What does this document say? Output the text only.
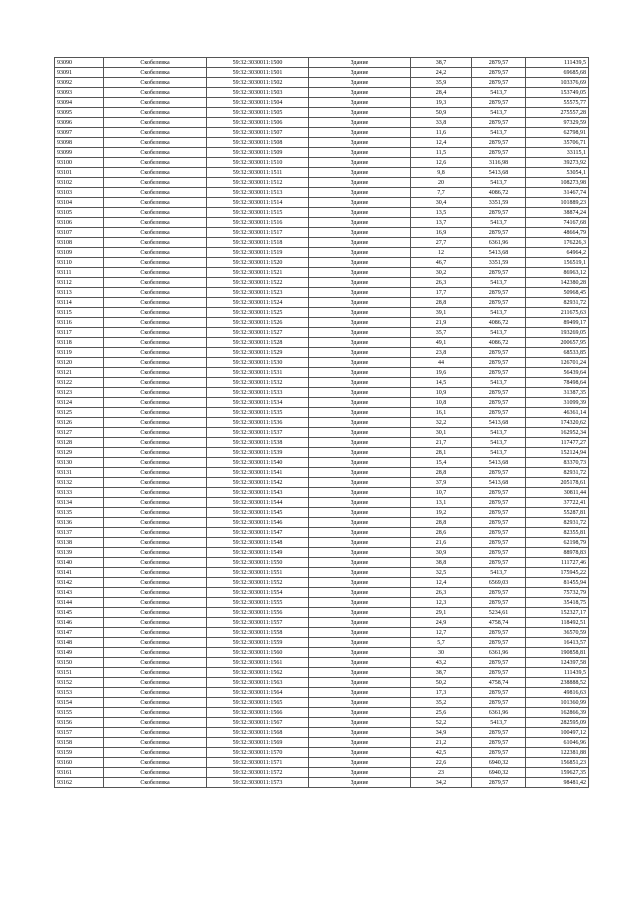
93090	Скобелевка	59:32:3030011:1500	Здание	38,7	2879,57	111439,5
93091	Скобелевка	59:32:3030011:1501	Здание	24,2	2879,57	69685,68
93092	Скобелевка	59:32:3030011:1502	Здание	35,9	2879,57	103376,69
93093	Скобелевка	59:32:3030011:1503	Здание	28,4	5413,7	153749,05
93094	Скобелевка	59:32:3030011:1504	Здание	19,3	2879,57	55575,77
93095	Скобелевка	59:32:3030011:1505	Здание	50,9	5413,7	275557,28
93096	Скобелевка	59:32:3030011:1506	Здание	33,8	2879,57	97329,59
93097	Скобелевка	59:32:3030011:1507	Здание	11,6	5413,7	62798,91
93098	Скобелевка	59:32:3030011:1508	Здание	12,4	2879,57	35706,71
93099	Скобелевка	59:32:3030011:1509	Здание	11,5	2879,57	33115,1
93100	Скобелевка	59:32:3030011:1510	Здание	12,6	3116,98	39273,92
93101	Скобелевка	59:32:3030011:1511	Здание	9,8	5413,68	53054,1
93102	Скобелевка	59:32:3030011:1512	Здание	20	5413,7	108273,98
93103	Скобелевка	59:32:3030011:1513	Здание	7,7	4086,72	31467,74
93104	Скобелевка	59:32:3030011:1514	Здание	30,4	3351,59	101889,23
93105	Скобелевка	59:32:3030011:1515	Здание	13,5	2879,57	38874,24
93106	Скобелевка	59:32:3030011:1516	Здание	13,7	5413,7	74167,68
93107	Скобелевка	59:32:3030011:1517	Здание	16,9	2879,57	48664,79
93108	Скобелевка	59:32:3030011:1518	Здание	27,7	6361,96	176226,3
93109	Скобелевка	59:32:3030011:1519	Здание	12	5413,68	64964,2
93110	Скобелевка	59:32:3030011:1520	Здание	46,7	3351,59	156519,1
93111	Скобелевка	59:32:3030011:1521	Здание	30,2	2879,57	86963,12
93112	Скобелевка	59:32:3030011:1522	Здание	26,3	5413,7	142380,28
93113	Скобелевка	59:32:3030011:1523	Здание	17,7	2879,57	50968,45
93114	Скобелевка	59:32:3030011:1524	Здание	28,8	2879,57	82931,72
93115	Скобелевка	59:32:3030011:1525	Здание	39,1	5413,7	211675,63
93116	Скобелевка	59:32:3030011:1526	Здание	21,9	4086,72	89499,17
93117	Скобелевка	59:32:3030011:1527	Здание	35,7	5413,7	193269,05
93118	Скобелевка	59:32:3030011:1528	Здание	49,1	4086,72	200657,95
93119	Скобелевка	59:32:3030011:1529	Здание	23,8	2879,57	68533,85
93120	Скобелевка	59:32:3030011:1530	Здание	44	2879,57	126701,24
93121	Скобелевка	59:32:3030011:1531	Здание	19,6	2879,57	56439,64
93122	Скобелевка	59:32:3030011:1532	Здание	14,5	5413,7	78498,64
93123	Скобелевка	59:32:3030011:1533	Здание	10,9	2879,57	31387,35
93124	Скобелевка	59:32:3030011:1534	Здание	10,8	2879,57	31099,39
93125	Скобелевка	59:32:3030011:1535	Здание	16,1	2879,57	46361,14
93126	Скобелевка	59:32:3030011:1536	Здание	32,2	5413,68	174320,62
93127	Скобелевка	59:32:3030011:1537	Здание	30,1	5413,7	162952,34
93128	Скобелевка	59:32:3030011:1538	Здание	21,7	5413,7	117477,27
93129	Скобелевка	59:32:3030011:1539	Здание	28,1	5413,7	152124,94
93130	Скобелевка	59:32:3030011:1540	Здание	15,4	5413,68	83370,73
93131	Скобелевка	59:32:3030011:1541	Здание	28,8	2879,57	82931,72
93132	Скобелевка	59:32:3030011:1542	Здание	37,9	5413,68	205178,61
93133	Скобелевка	59:32:3030011:1543	Здание	10,7	2879,57	30811,44
93134	Скобелевка	59:32:3030011:1544	Здание	13,1	2879,57	37722,41
93135	Скобелевка	59:32:3030011:1545	Здание	19,2	2879,57	55287,81
93136	Скобелевка	59:32:3030011:1546	Здание	28,8	2879,57	82931,72
93137	Скобелевка	59:32:3030011:1547	Здание	28,6	2879,57	82355,81
93138	Скобелевка	59:32:3030011:1548	Здание	21,6	2879,57	62198,79
93139	Скобелевка	59:32:3030011:1549	Здание	30,9	2879,57	88978,83
93140	Скобелевка	59:32:3030011:1550	Здание	38,8	2879,57	111727,46
93141	Скобелевка	59:32:3030011:1551	Здание	32,5	5413,7	175945,22
93142	Скобелевка	59:32:3030011:1552	Здание	12,4	6569,03	81455,94
93143	Скобелевка	59:32:3030011:1554	Здание	26,3	2879,57	75732,79
93144	Скобелевка	59:32:3030011:1555	Здание	12,3	2879,57	35418,75
93145	Скобелевка	59:32:3030011:1556	Здание	29,1	5234,61	152327,17
93146	Скобелевка	59:32:3030011:1557	Здание	24,9	4758,74	118492,51
93147	Скобелевка	59:32:3030011:1558	Здание	12,7	2879,57	36570,59
93148	Скобелевка	59:32:3030011:1559	Здание	5,7	2879,57	16413,57
93149	Скобелевка	59:32:3030011:1560	Здание	30	6361,96	190858,81
93150	Скобелевка	59:32:3030011:1561	Здание	43,2	2879,57	124397,58
93151	Скобелевка	59:32:3030011:1562	Здание	38,7	2879,57	111439,5
93152	Скобелевка	59:32:3030011:1563	Здание	50,2	4758,74	238888,52
93153	Скобелевка	59:32:3030011:1564	Здание	17,3	2879,57	49816,63
93154	Скобелевка	59:32:3030011:1565	Здание	35,2	2879,57	101360,99
93155	Скобелевка	59:32:3030011:1566	Здание	25,6	6361,96	162866,39
93156	Скобелевка	59:32:3030011:1567	Здание	52,2	5413,7	282595,09
93157	Скобелевка	59:32:3030011:1568	Здание	34,9	2879,57	100497,12
93158	Скобелевка	59:32:3030011:1569	Здание	21,2	2879,57	61046,96
93159	Скобелевка	59:32:3030011:1570	Здание	42,5	2879,57	122381,88
93160	Скобелевка	59:32:3030011:1571	Здание	22,6	6940,32	156851,23
93161	Скобелевка	59:32:3030011:1572	Здание	23	6940,32	159627,35
93162	Скобелевка	59:32:3030011:1573	Здание	34,2	2879,57	98481,42
